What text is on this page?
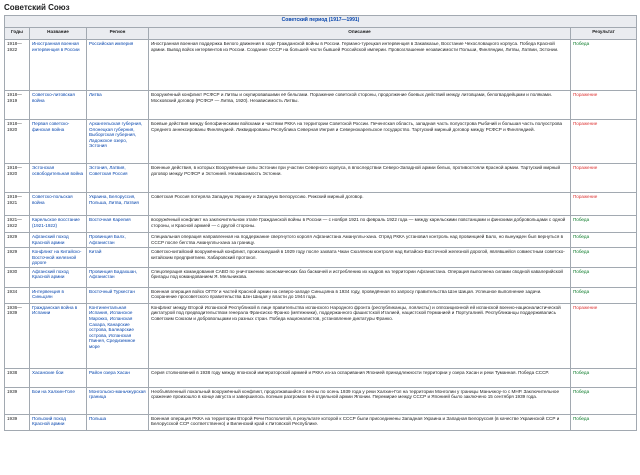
Советский Союз
Советский период (1917—1991)				
Годы	Название	Регион	Описание	Результат
1918—1922	Иностранная военная интервенция в России	Российская империя	Иностранная военная поддержка Белого движения в ходе Гражданской войны в России. Германо-турецкая интервенция в Закавказье, Восстание Чехословацкого корпуса. Победа Красной армии. Вывод войск интервентов из России. Создание СССР на большей части бывшей Российской империи. Провозглашение независимости Польши, Финляндии, Литвы, Латвии, Эстонии.	Победа
1918—1919	Советско-литовская война	Литва	Вооружённый конфликт РСФСР и Литвы и окупировавшими её бельгами. Поражение советской стороны, продолжение боевых действий между литовцами, белогвардейцами и поляками. Московский договор (РСФСР — Литва, 1920). Независимость Литвы.	Поражение
1918—1920	Первая советско-финская война	Архангельская губерния, Олонецкая губерния, Выборгская губерния, Ладожское озеро, Эстония	Боевые действия между белофиннскими войсками и частями РККА на территории Советской России. Печенгская область, западная часть полуострова Рыбачий и большая часть полуострова Среднего аннексированы Финляндией. Ликвидированы Республика Северная Ингрия и Севернокарельское государство. Тартуский мирный договор между РСФСР и Финляндией.	Поражение
1918—1920	Эстонская освободительная война	Эстония, Латвия, Советская Россия	Военные действия, в которых Вооружённые силы Эстонии при участии Северного корпуса, в впоследствии Северо-Западной армии белых, противостояли Красной армии. Тартуский мирный договор между РСФСР и Эстонией. Независимость Эстонии.	Поражение
1919—1921	Советско-польская война	Украина, Белоруссия, Польша, Литва, Латвия	Советская Россия потеряла Западную Украину и Западную Белоруссию. Рижский мирный договор.	Поражение
1921—1922	Карельское восстание (1921-1922)	Восточная Карелия	вооружённый конфликт на заключительном этапе Гражданской войны в России — с ноября 1921 по февраль 1922 года — между карельскими повстанцами и финскими добровольцами с одной стороны, и Красной армией — с другой стороны.	Победа
1929	Афганский поход Красной армии	Провинция Балх, Афганистан	Специальная операция направленная на поддержание свергнутого короля Афганистана Амануллы-хана. Отряд РККА установил контроль над провинцией Балх, но вынужден был вернуться в СССР после бегства Амануллы-хана за границу.	Победа
1929	Конфликт на Китайско-Восточной железной дороге	Китай	Советско-китайский вооружённый конфликт, произошедший в 1929 году после захвата Чжан Сюэляном контроля над Китайско-Восточной железной дорогой, являвшейся совместным советско-китайским предприятием. Хабаровский протокол.	Победа
1930	Афганский поход Красной армии	Провинция Бадахшан, Афганистан	Спецоперация командования САВО по уничтожению экономических баз басмачей и истреблению их кадров на территории Афганистана. Операция выполнена силами сводной кавалерийской бригады под командованием Я. Мельникова.	Победа
1934	Интервенция в Синьцзян	Восточный Туркестан	Военная операция войск ОГПУ и частей Красной армии на северо-западе Синьцзяна в 1934 году, проведённая по запросу правительства Шэн Шицая. Успешное выполнение задачи. Сохранение просоветского правительства Шэн Шицая у власти до 1944 года.	Победа
1936—1939	Гражданская война в Испании	Континентальная Испания, Испанское Марокко, Испанская Сахара, Канарские острова, Балеарские острова, Испанская Гвинея, Средиземное море	Конфликт между Второй Испанской Республикой в лице правительства испанского Народного фронта (республиканцы, лоялисты) и оппозиционной ей испанской военно-националистической диктатурой под предводительством генерала Франсиско Франко (мятежники), поддержанного фашистской Италией, нацистской Германией и Португалией. Республиканцы поддерживались Советским Союзом и добровольцами из разных стран. Победа националистов, установление диктатуры Франко.	Поражение
1938	Хасанские бои	Район озера Хасан	Серия столкновений в 1938 году между японской императорской армией и РККА из-за оспаривания Японией принадлежности территории у озера Хасан и реки Туманная. Победа СССР.	Победа
1939	Бои на Халхин-Голе	Монгольско-маньчжурская граница	Необъявленный локальный вооружённый конфликт, продолжавшийся с весны по осень 1939 года у реки Халхин-Гол на территории Монголии у границы Маньчжоу-го с МНР. Заключительное сражение произошло в конце августа и завершилось полным разгромом 6-й отдельной армии Японии. Перемирие между СССР и Японией было заключено 15 сентября 1939 года.	Победа
1939	Польский поход Красной армии	Польша	Военная операция РККА на территории Второй Речи Посполитой, в результате которой к СССР были присоединены Западная Украина и Западная Белоруссия (в качестве Украинской ССР и Белорусской ССР соответственно) и Виленский край к Литовской Республике.	Победа
